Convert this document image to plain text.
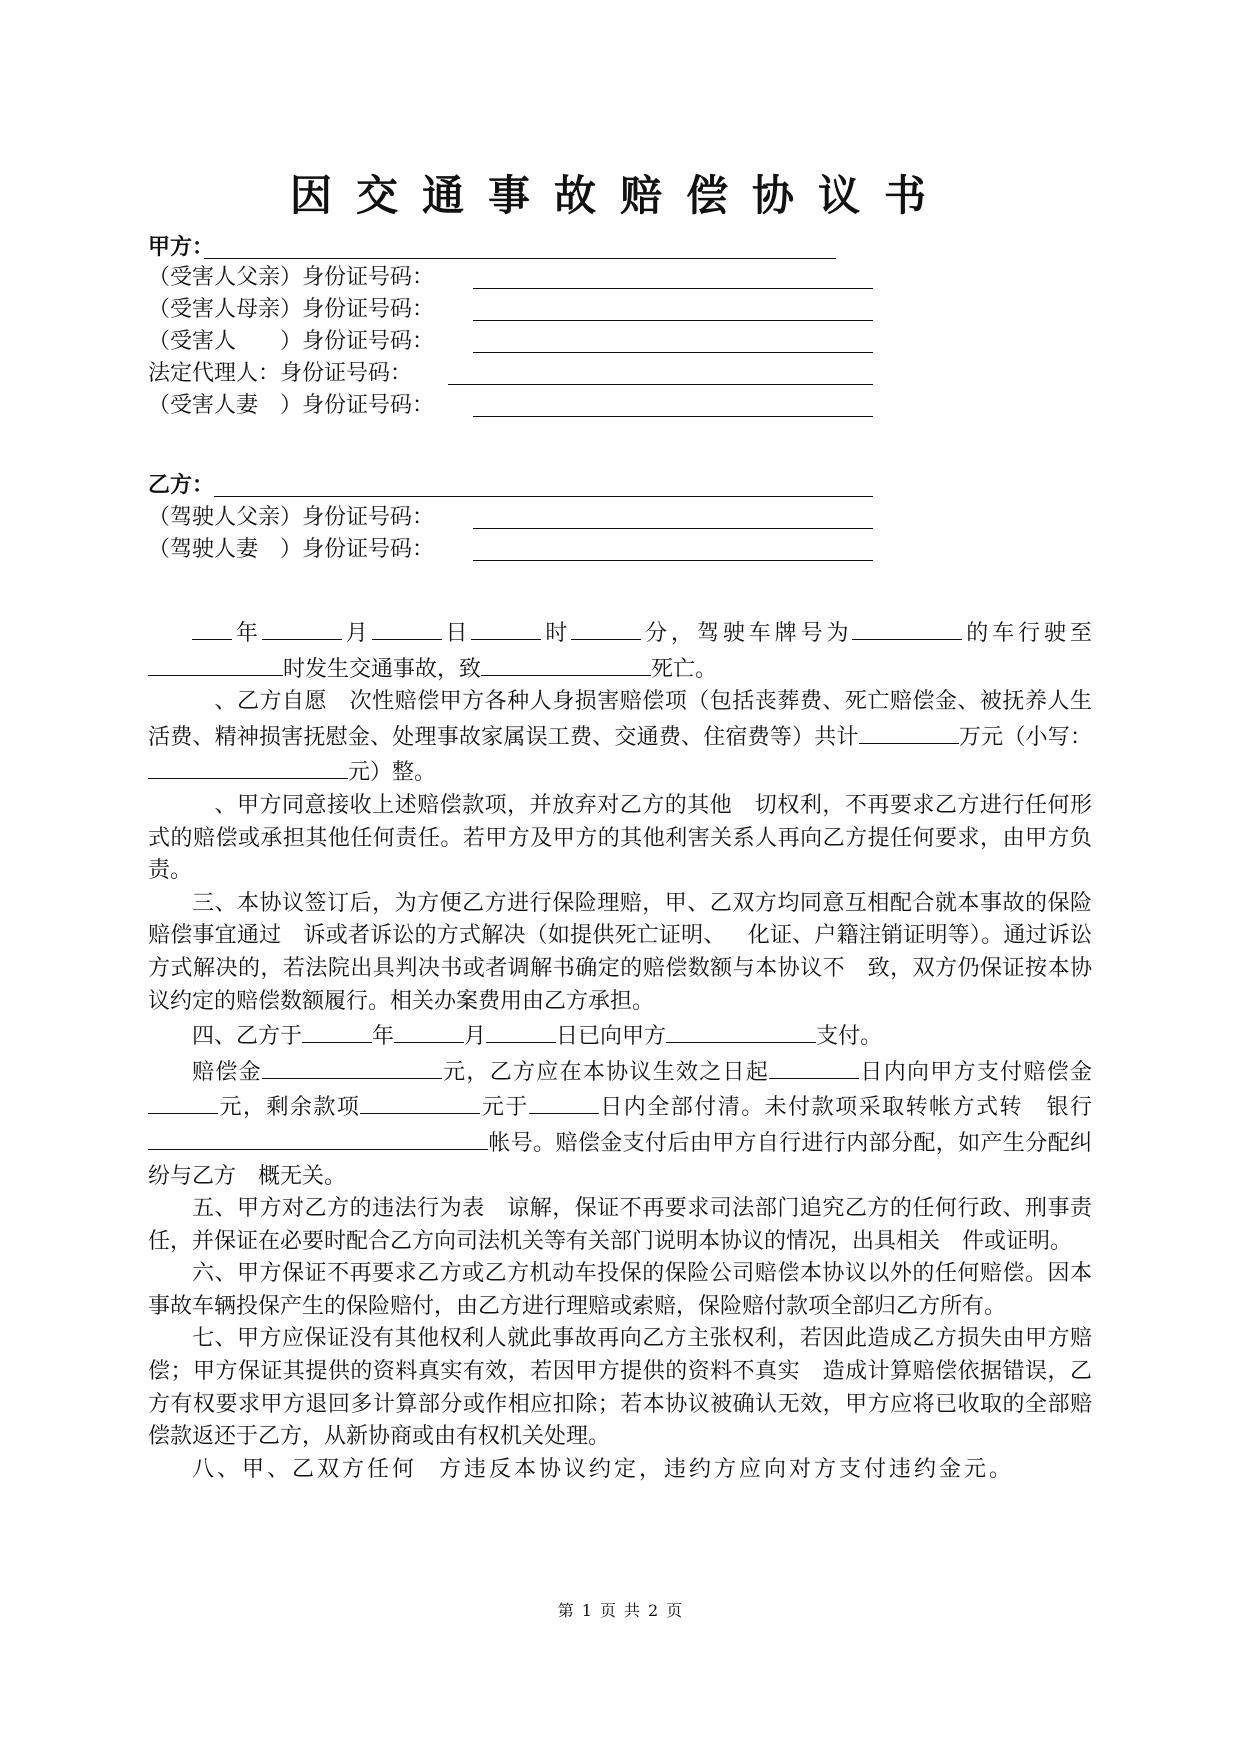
因交通事故赔偿协议书
甲方：
（受害人父亲）身份证号码：
（受害人母亲）身份证号码：
（受害人　　）身份证号码：
法定代理人：身份证号码：
（受害人妻　）身份证号码：
乙方：
（驾驶人父亲）身份证号码：
（驾驶人妻　）身份证号码：

年	月	日	时	分，驾驶车牌号为	的车行驶至时发生交通事故，致	死亡。

、乙方自愿 次性赔偿甲方各种人身损害赔偿项（包括丧葬费、死亡赔偿金、被抚养人生活费、精神损害抚慰金、处理事故家属误工费、交通费、住宿费等）共计	万元（小写：元）整。

、甲方同意接收上述赔偿款项，并放弃对乙方的其他 切权利，不再要求乙方进行任何形式的赔偿或承担其他任何责任。若甲方及甲方的其他利害关系人再向乙方提任何要求，由甲方负责。

三、本协议签订后，为方便乙方进行保险理赔，甲、乙双方均同意互相配合就本事故的保险赔偿事宜通过 诉或者诉讼的方式解决（如提供死亡证明、 化证、户籍注销证明等）。通过诉讼方式解决的，若法院出具判决书或者调解书确定的赔偿数额与本协议不 致，双方仍保证按本协议约定的赔偿数额履行。相关办案费用由乙方承担。

四、乙方于	年	月	日已向甲方	支付。

赔偿金	元，乙方应在本协议生效之日起	日内向甲方支付赔偿金元，剩余款项	元于	日内全部付清。未付款项采取转帐方式转 银行帐号。赔偿金支付后由甲方自行进行内部分配，如产生分配纠纷与乙方 概无关。

五、甲方对乙方的违法行为表 谅解，保证不再要求司法部门追究乙方的任何行政、刑事责任，并保证在必要时配合乙方向司法机关等有关部门说明本协议的情况，出具相关 件或证明。

六、甲方保证不再要求乙方或乙方机动车投保的保险公司赔偿本协议以外的任何赔偿。因本事故车辆投保产生的保险赔付，由乙方进行理赔或索赔，保险赔付款项全部归乙方所有。

七、甲方应保证没有其他权利人就此事故再向乙方主张权利，若因此造成乙方损失由甲方赔偿；甲方保证其提供的资料真实有效，若因甲方提供的资料不真实 造成计算赔偿依据错误，乙方有权要求甲方退回多计算部分或作相应扣除；若本协议被确认无效，甲方应将已收取的全部赔偿款返还于乙方，从新协商或由有权机关处理。

八、甲、乙双方任何 方违反本协议约定，违约方应向对方支付违约金元。

第 1 页 共 2 页
